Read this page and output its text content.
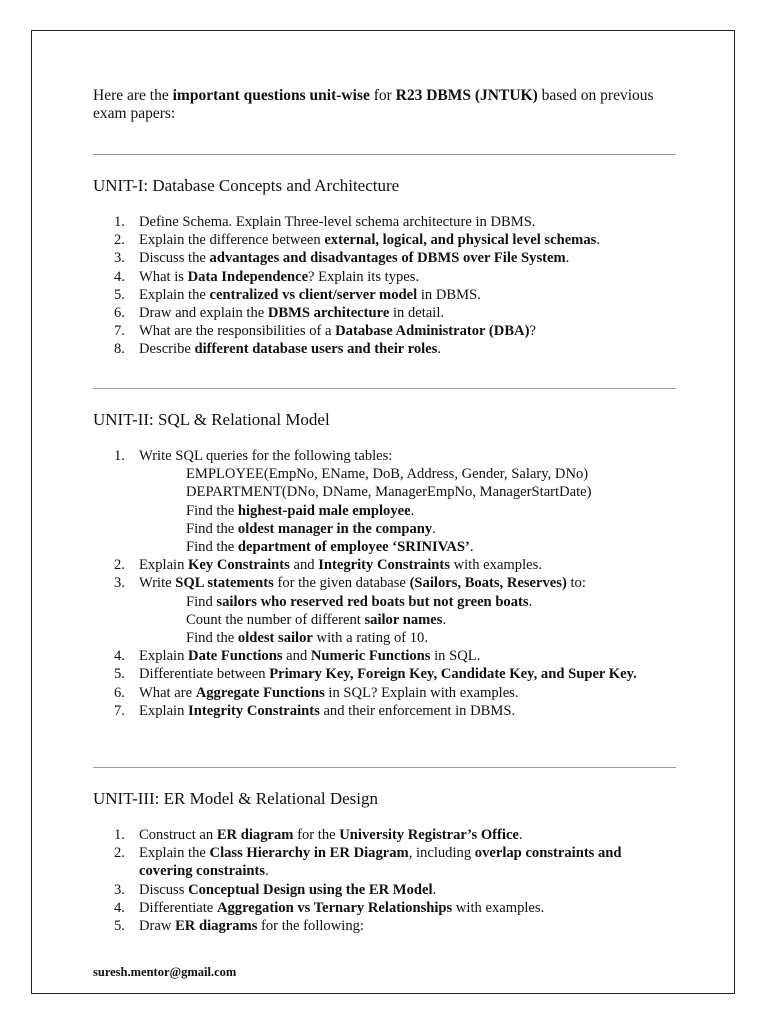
Here are the important questions unit-wise for R23 DBMS (JNTUK) based on previous exam papers:

UNIT-I: Database Concepts and Architecture
1. Define Schema. Explain Three-level schema architecture in DBMS.
2. Explain the difference between external, logical, and physical level schemas.
3. Discuss the advantages and disadvantages of DBMS over File System.
4. What is Data Independence? Explain its types.
5. Explain the centralized vs client/server model in DBMS.
6. Draw and explain the DBMS architecture in detail.
7. What are the responsibilities of a Database Administrator (DBA)?
8. Describe different database users and their roles.
UNIT-II: SQL & Relational Model
1. Write SQL queries for the following tables:
EMPLOYEE(EmpNo, EName, DoB, Address, Gender, Salary, DNo)
DEPARTMENT(DNo, DName, ManagerEmpNo, ManagerStartDate)
Find the highest-paid male employee.
Find the oldest manager in the company.
Find the department of employee ‘SRINIVAS’.
2. Explain Key Constraints and Integrity Constraints with examples.
3. Write SQL statements for the given database (Sailors, Boats, Reserves) to:
Find sailors who reserved red boats but not green boats.
Count the number of different sailor names.
Find the oldest sailor with a rating of 10.
4. Explain Date Functions and Numeric Functions in SQL.
5. Differentiate between Primary Key, Foreign Key, Candidate Key, and Super Key.
6. What are Aggregate Functions in SQL? Explain with examples.
7. Explain Integrity Constraints and their enforcement in DBMS.
UNIT-III: ER Model & Relational Design
1. Construct an ER diagram for the University Registrar’s Office.
2. Explain the Class Hierarchy in ER Diagram, including overlap constraints and covering constraints.
3. Discuss Conceptual Design using the ER Model.
4. Differentiate Aggregation vs Ternary Relationships with examples.
5. Draw ER diagrams for the following:
suresh.mentor@gmail.com
